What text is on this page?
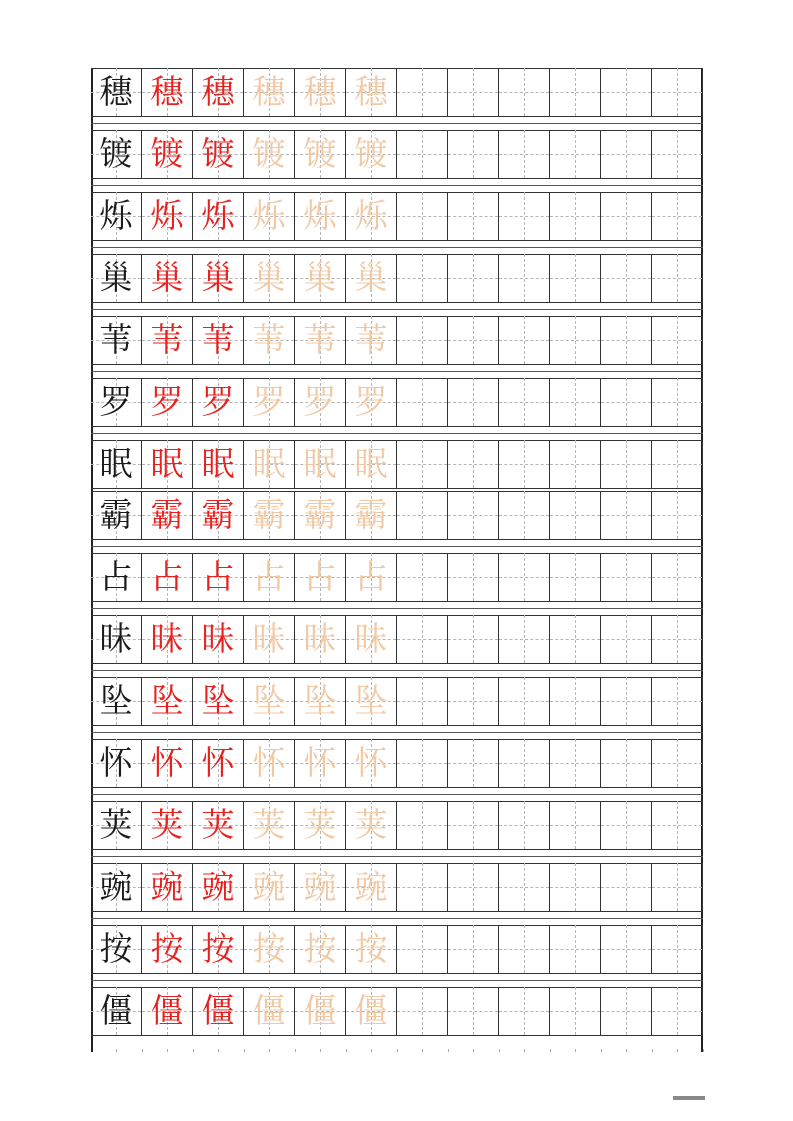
穗 穗 穗 穗 穗 穗
镀 镀 镀 镀 镀 镀
烁 烁 烁 烁 烁 烁
巢 巢 巢 巢 巢 巢
苇 苇 苇 苇 苇 苇
罗 罗 罗 罗 罗 罗
眠 眠 眠 眠 眠 眠
霸 霸 霸 霸 霸 霸
占 占 占 占 占 占
昧 昧 昧 昧 昧 昧
坠 坠 坠 坠 坠 坠
怀 怀 怀 怀 怀 怀
荚 荚 荚 荚 荚 荚
豌 豌 豌 豌 豌 豌
按 按 按 按 按 按
僵 僵 僵 僵 僵 僵
